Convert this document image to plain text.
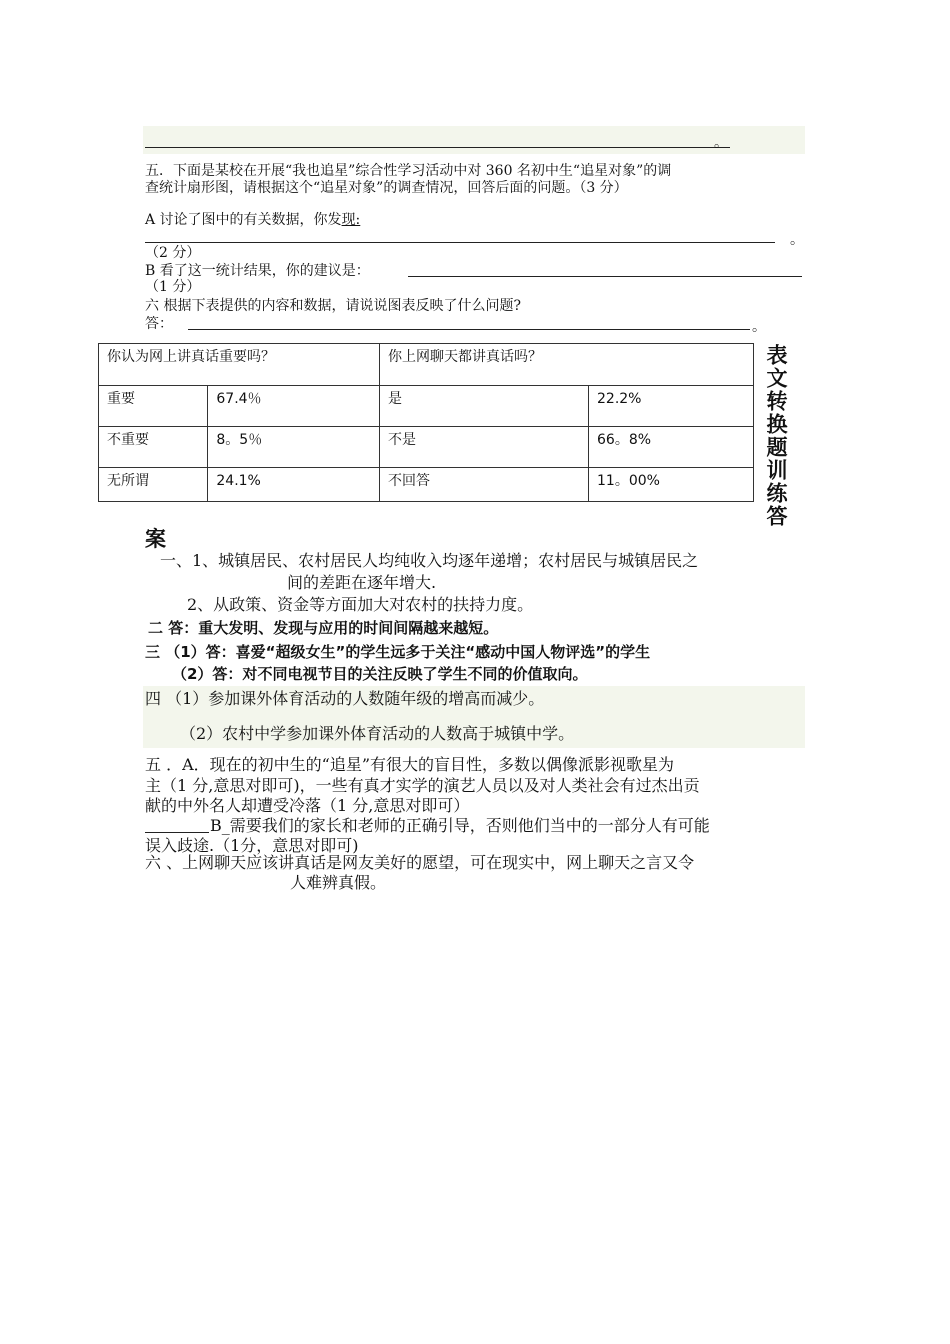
。
五．下面是某校在开展“我也追星”综合性学习活动中对 360 名初中生“追星对象”的调
查统计扇形图，请根据这个“追星对象”的调查情况，回答后面的问题。（3 分）
A 讨论了图中的有关数据，你发现:
。
（2 分）
B 看了这一统计结果，你的建议是：
（1 分）
六 根据下表提供的内容和数据，请说说图表反映了什么问题?
答：	。
你认为网上讲真话重要吗？		你上网聊天都讲真话吗？	
重要	67.4％	是	22.2%
不重要	8。5％	不是	66。8%
无所谓	24.1%	不回答	11。00%	表文转换题训练答
案
一、1、城镇居民、农村居民人均纯收入均逐年递增；农村居民与城镇居民之
间的差距在逐年增大.
2、从政策、资金等方面加大对农村的扶持力度。
二 答：重大发明、发现与应用的时间间隔越来越短。
三 （1）答：喜爱“超级女生”的学生远多于关注“感动中国人物评选”的学生
（2）答：对不同电视节目的关注反映了学生不同的价值取向。
四 （1）参加课外体育活动的人数随年级的增高而减少。
（2）农村中学参加课外体育活动的人数高于城镇中学。
五 ．A．现在的初中生的“追星”有很大的盲目性，多数以偶像派影视歌星为
主（1 分,意思对即可)，一些有真才实学的演艺人员以及对人类社会有过杰出贡
献的中外名人却遭受冷落（1 分,意思对即可）
B_需要我们的家长和老师的正确引导，否则他们当中的一部分人有可能
误入歧途.（1分，意思对即可)
六 、上网聊天应该讲真话是网友美好的愿望，可在现实中，网上聊天之言又令
人难辨真假。
